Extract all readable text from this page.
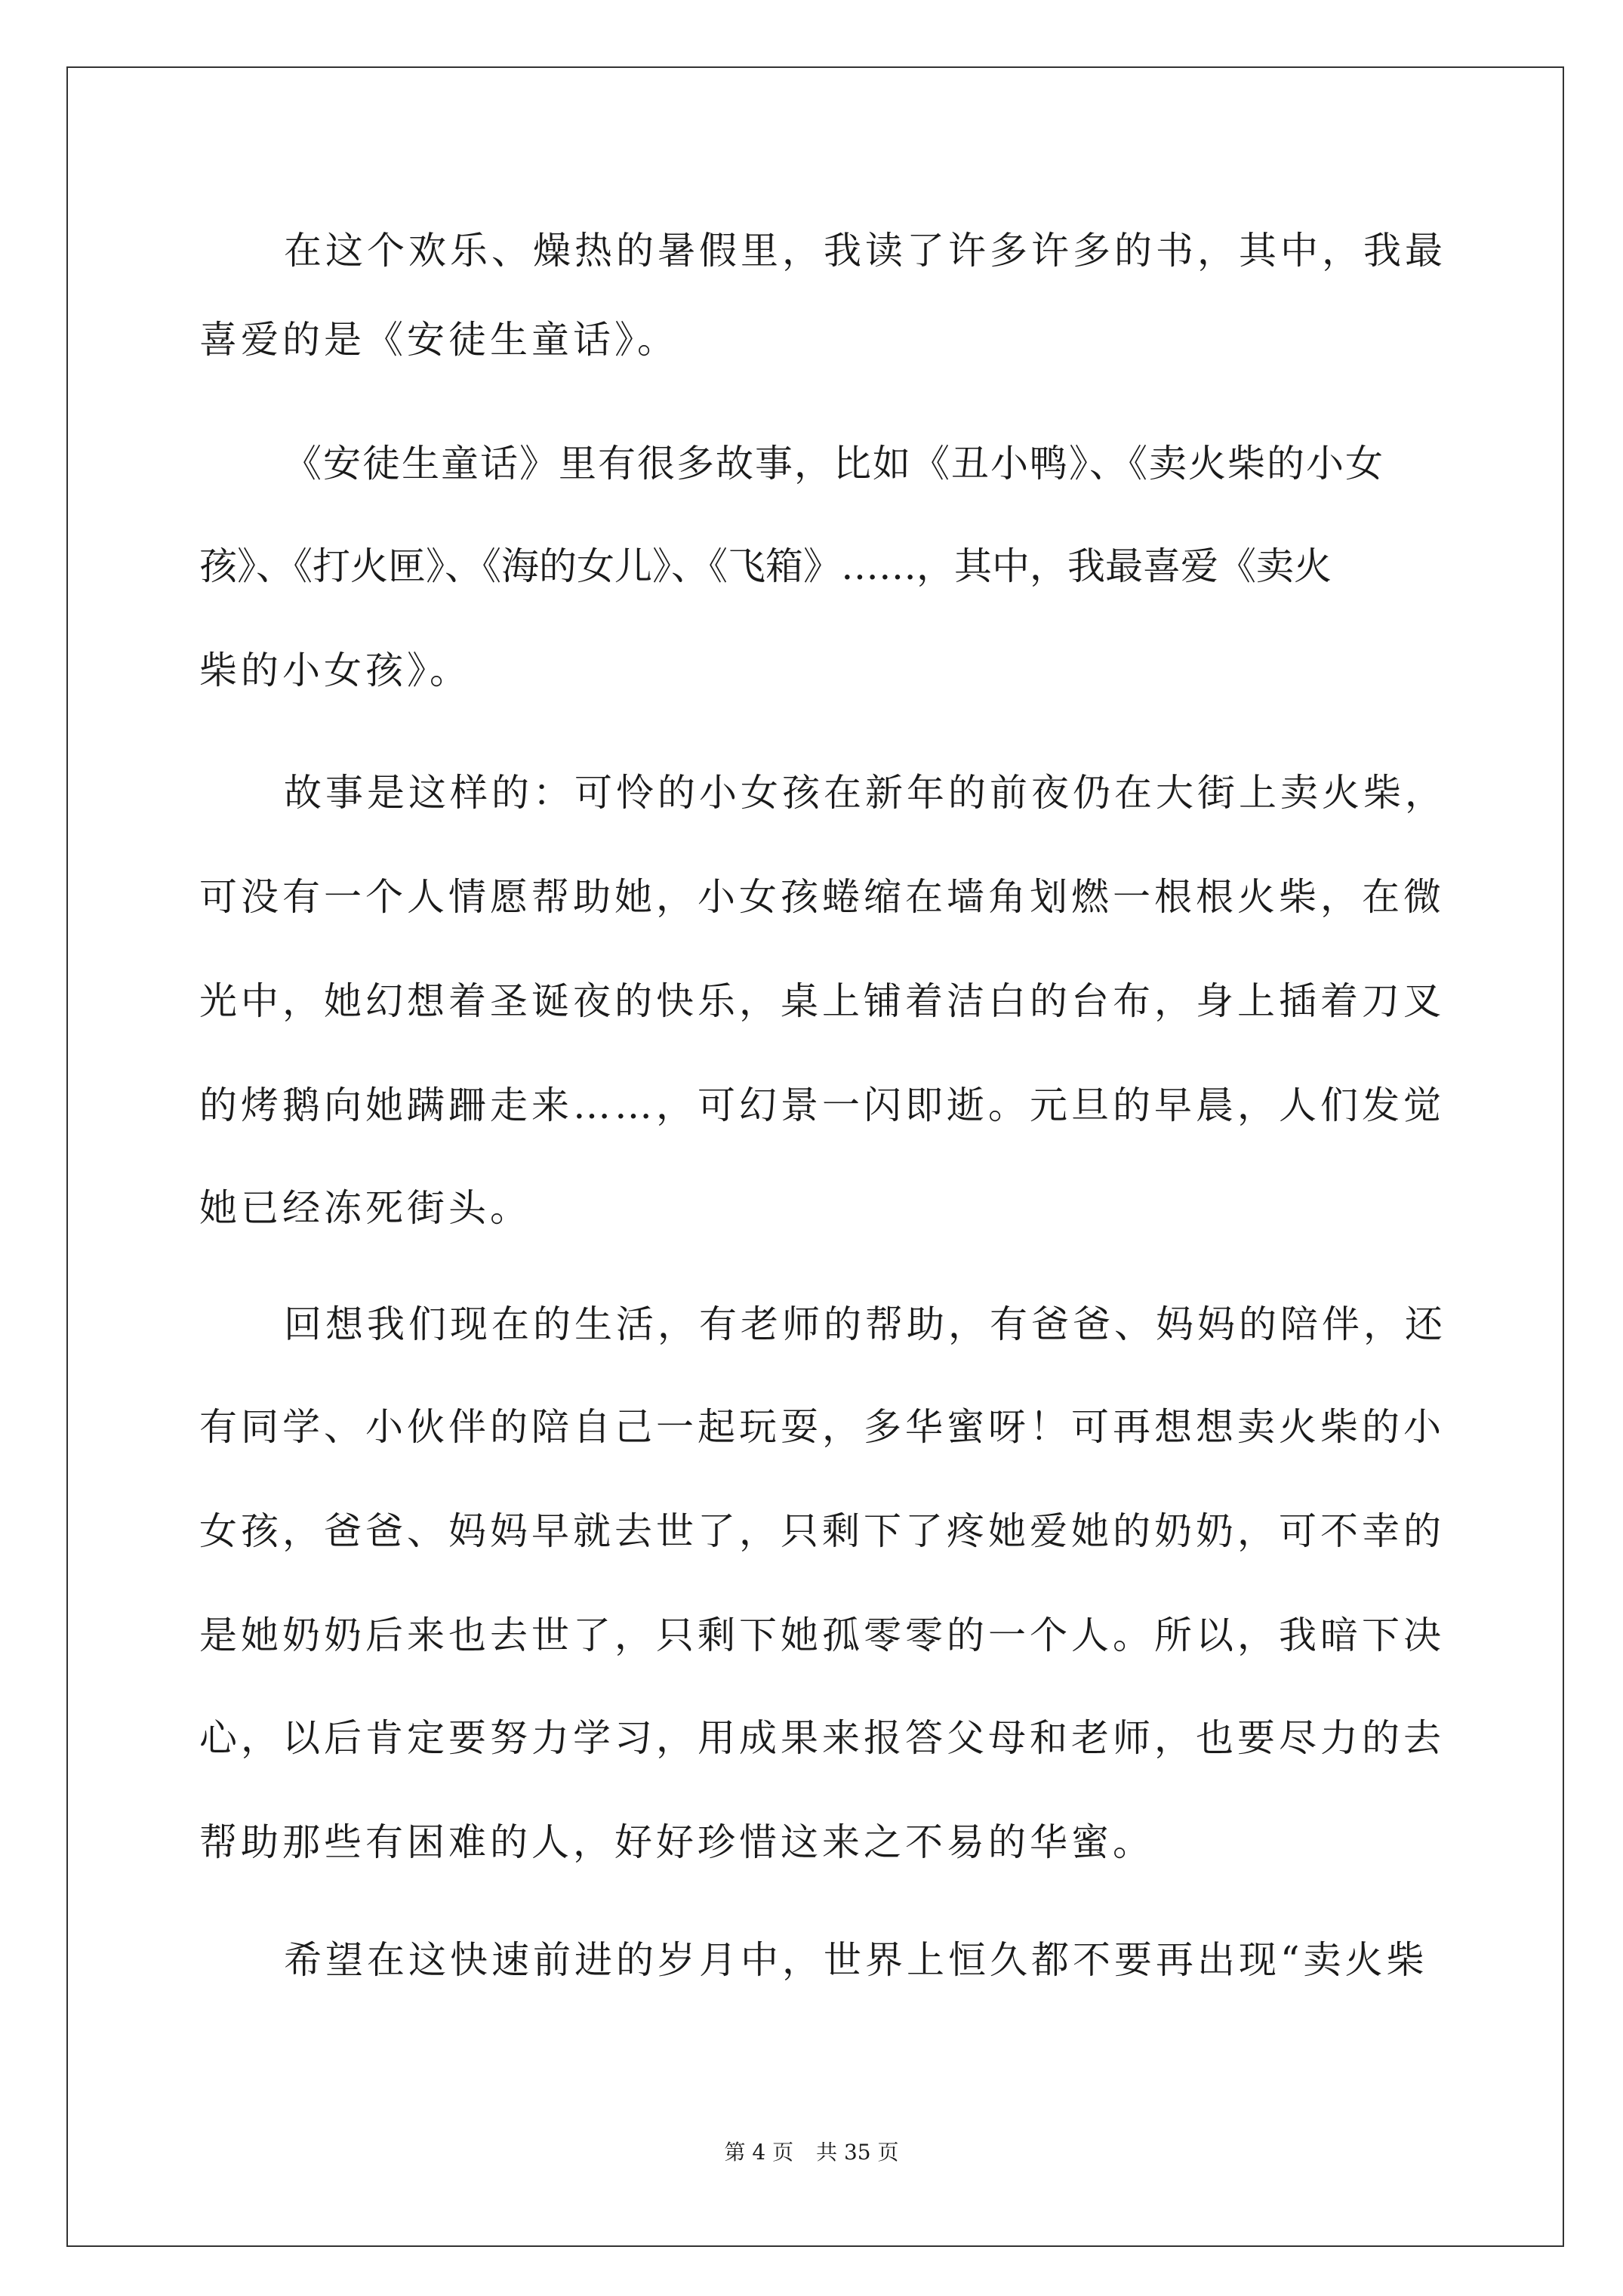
在这个欢乐、燥热的暑假里，我读了许多许多的书，其中，我最

喜爱的是《安徒生童话》。

《安徒生童话》里有很多故事，比如《丑小鸭》、《卖火柴的小女

孩》、《打火匣》、《海的女儿》、《飞箱》……，其中，我最喜爱《卖火

柴的小女孩》。

故事是这样的：可怜的小女孩在新年的前夜仍在大街上卖火柴，

可没有一个人情愿帮助她，小女孩蜷缩在墙角划燃一根根火柴，在微

光中，她幻想着圣诞夜的快乐，桌上铺着洁白的台布，身上插着刀叉

的烤鹅向她蹒跚走来……，可幻景一闪即逝。元旦的早晨，人们发觉

她已经冻死街头。

回想我们现在的生活，有老师的帮助，有爸爸、妈妈的陪伴，还

有同学、小伙伴的陪自己一起玩耍，多华蜜呀！可再想想卖火柴的小

女孩，爸爸、妈妈早就去世了，只剩下了疼她爱她的奶奶，可不幸的

是她奶奶后来也去世了，只剩下她孤零零的一个人。所以，我暗下决

心，以后肯定要努力学习，用成果来报答父母和老师，也要尽力的去

帮助那些有困难的人，好好珍惜这来之不易的华蜜。

希望在这快速前进的岁月中，世界上恒久都不要再出现“卖火柴

第 4 页 共 35 页
